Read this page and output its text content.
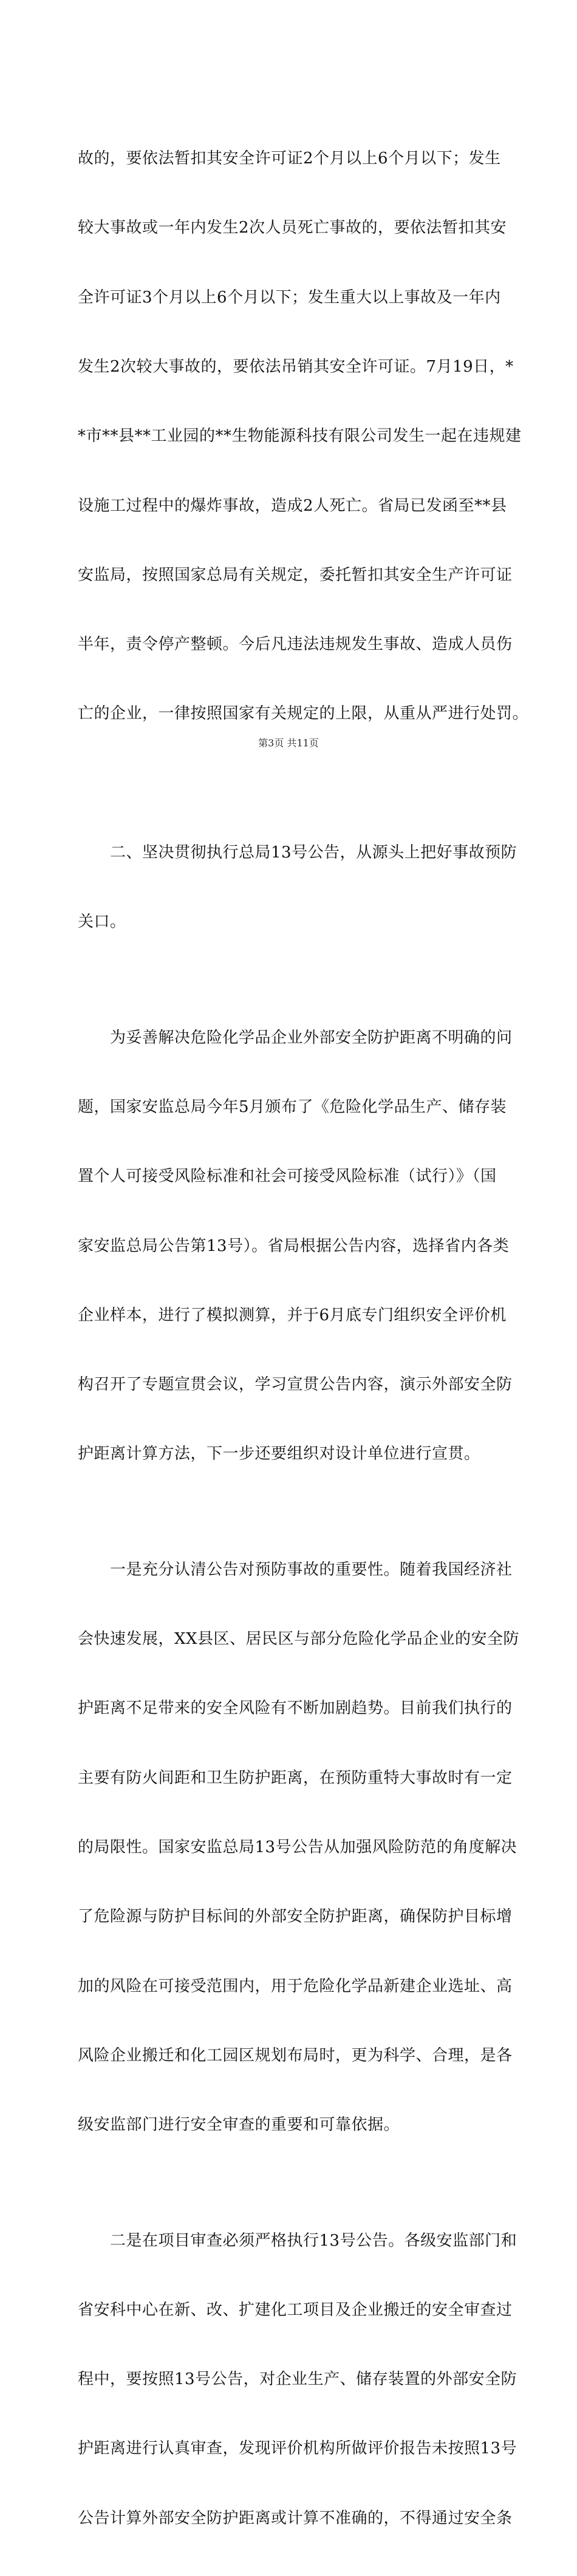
故的，要依法暂扣其安全许可证2个月以上6个月以下；发生

较大事故或一年内发生2次人员死亡事故的，要依法暂扣其安

全许可证3个月以上6个月以下；发生重大以上事故及一年内

发生2次较大事故的，要依法吊销其安全许可证。7月19日，*

*市**县**工业园的**生物能源科技有限公司发生一起在违规建

设施工过程中的爆炸事故，造成2人死亡。省局已发函至**县

安监局，按照国家总局有关规定，委托暂扣其安全生产许可证

半年，责令停产整顿。今后凡违法违规发生事故、造成人员伤

亡的企业，一律按照国家有关规定的上限，从重从严进行处罚。

　　二、坚决贯彻执行总局13号公告，从源头上把好事故预防

关口。

　　为妥善解决危险化学品企业外部安全防护距离不明确的问

题，国家安监总局今年5月颁布了《危险化学品生产、储存装

置个人可接受风险标准和社会可接受风险标准（试行）》（国

家安监总局公告第13号）。省局根据公告内容，选择省内各类

企业样本，进行了模拟测算，并于6月底专门组织安全评价机

构召开了专题宣贯会议，学习宣贯公告内容，演示外部安全防

护距离计算方法，下一步还要组织对设计单位进行宣贯。

　　一是充分认清公告对预防事故的重要性。随着我国经济社

会快速发展，XX县区、居民区与部分危险化学品企业的安全防

护距离不足带来的安全风险有不断加剧趋势。目前我们执行的

主要有防火间距和卫生防护距离，在预防重特大事故时有一定

的局限性。国家安监总局13号公告从加强风险防范的角度解决

了危险源与防护目标间的外部安全防护距离，确保防护目标增

加的风险在可接受范围内，用于危险化学品新建企业选址、高

风险企业搬迁和化工园区规划布局时，更为科学、合理，是各

级安监部门进行安全审查的重要和可靠依据。

　　二是在项目审查必须严格执行13号公告。各级安监部门和

省安科中心在新、改、扩建化工项目及企业搬迁的安全审查过

程中，要按照13号公告，对企业生产、储存装置的外部安全防

护距离进行认真审查，发现评价机构所做评价报告未按照13号

公告计算外部安全防护距离或计算不准确的，不得通过安全条

第3页 共11页
